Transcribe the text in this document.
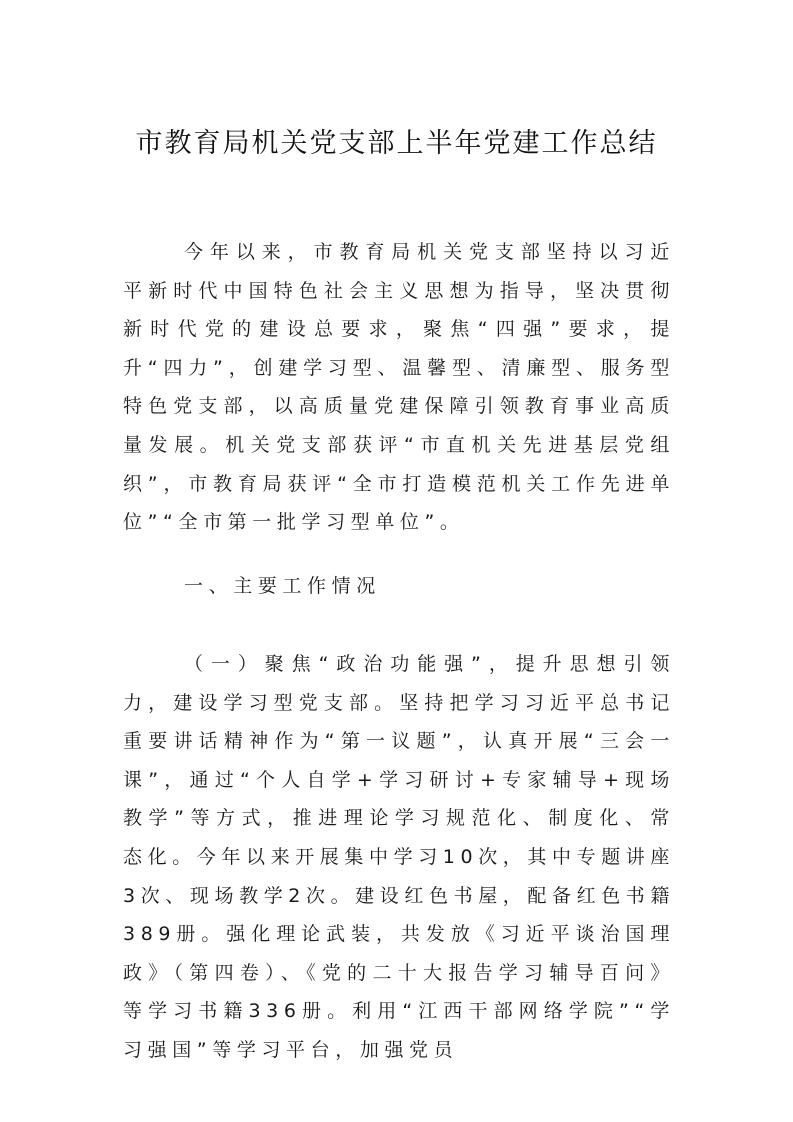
市教育局机关党支部上半年党建工作总结

今年以来，市教育局机关党支部坚持以习近平新时代中国特色社会主义思想为指导，坚决贯彻新时代党的建设总要求，聚焦“四强”要求，提升“四力”，创建学习型、温馨型、清廉型、服务型特色党支部，以高质量党建保障引领教育事业高质量发展。机关党支部获评“市直机关先进基层党组织”，市教育局获评“全市打造模范机关工作先进单位”“全市第一批学习型单位”。

一、主要工作情况

（一）聚焦“政治功能强”，提升思想引领力，建设学习型党支部。坚持把学习习近平总书记重要讲话精神作为“第一议题”，认真开展“三会一课”，通过“个人自学+学习研讨+专家辅导+现场教学”等方式，推进理论学习规范化、制度化、常态化。今年以来开展集中学习10次，其中专题讲座3次、现场教学2次。建设红色书屋，配备红色书籍389册。强化理论武装，共发放《习近平谈治国理政》（第四卷）、《党的二十大报告学习辅导百问》等学习书籍336册。利用“江西干部网络学院”“学习强国”等学习平台，加强党员
